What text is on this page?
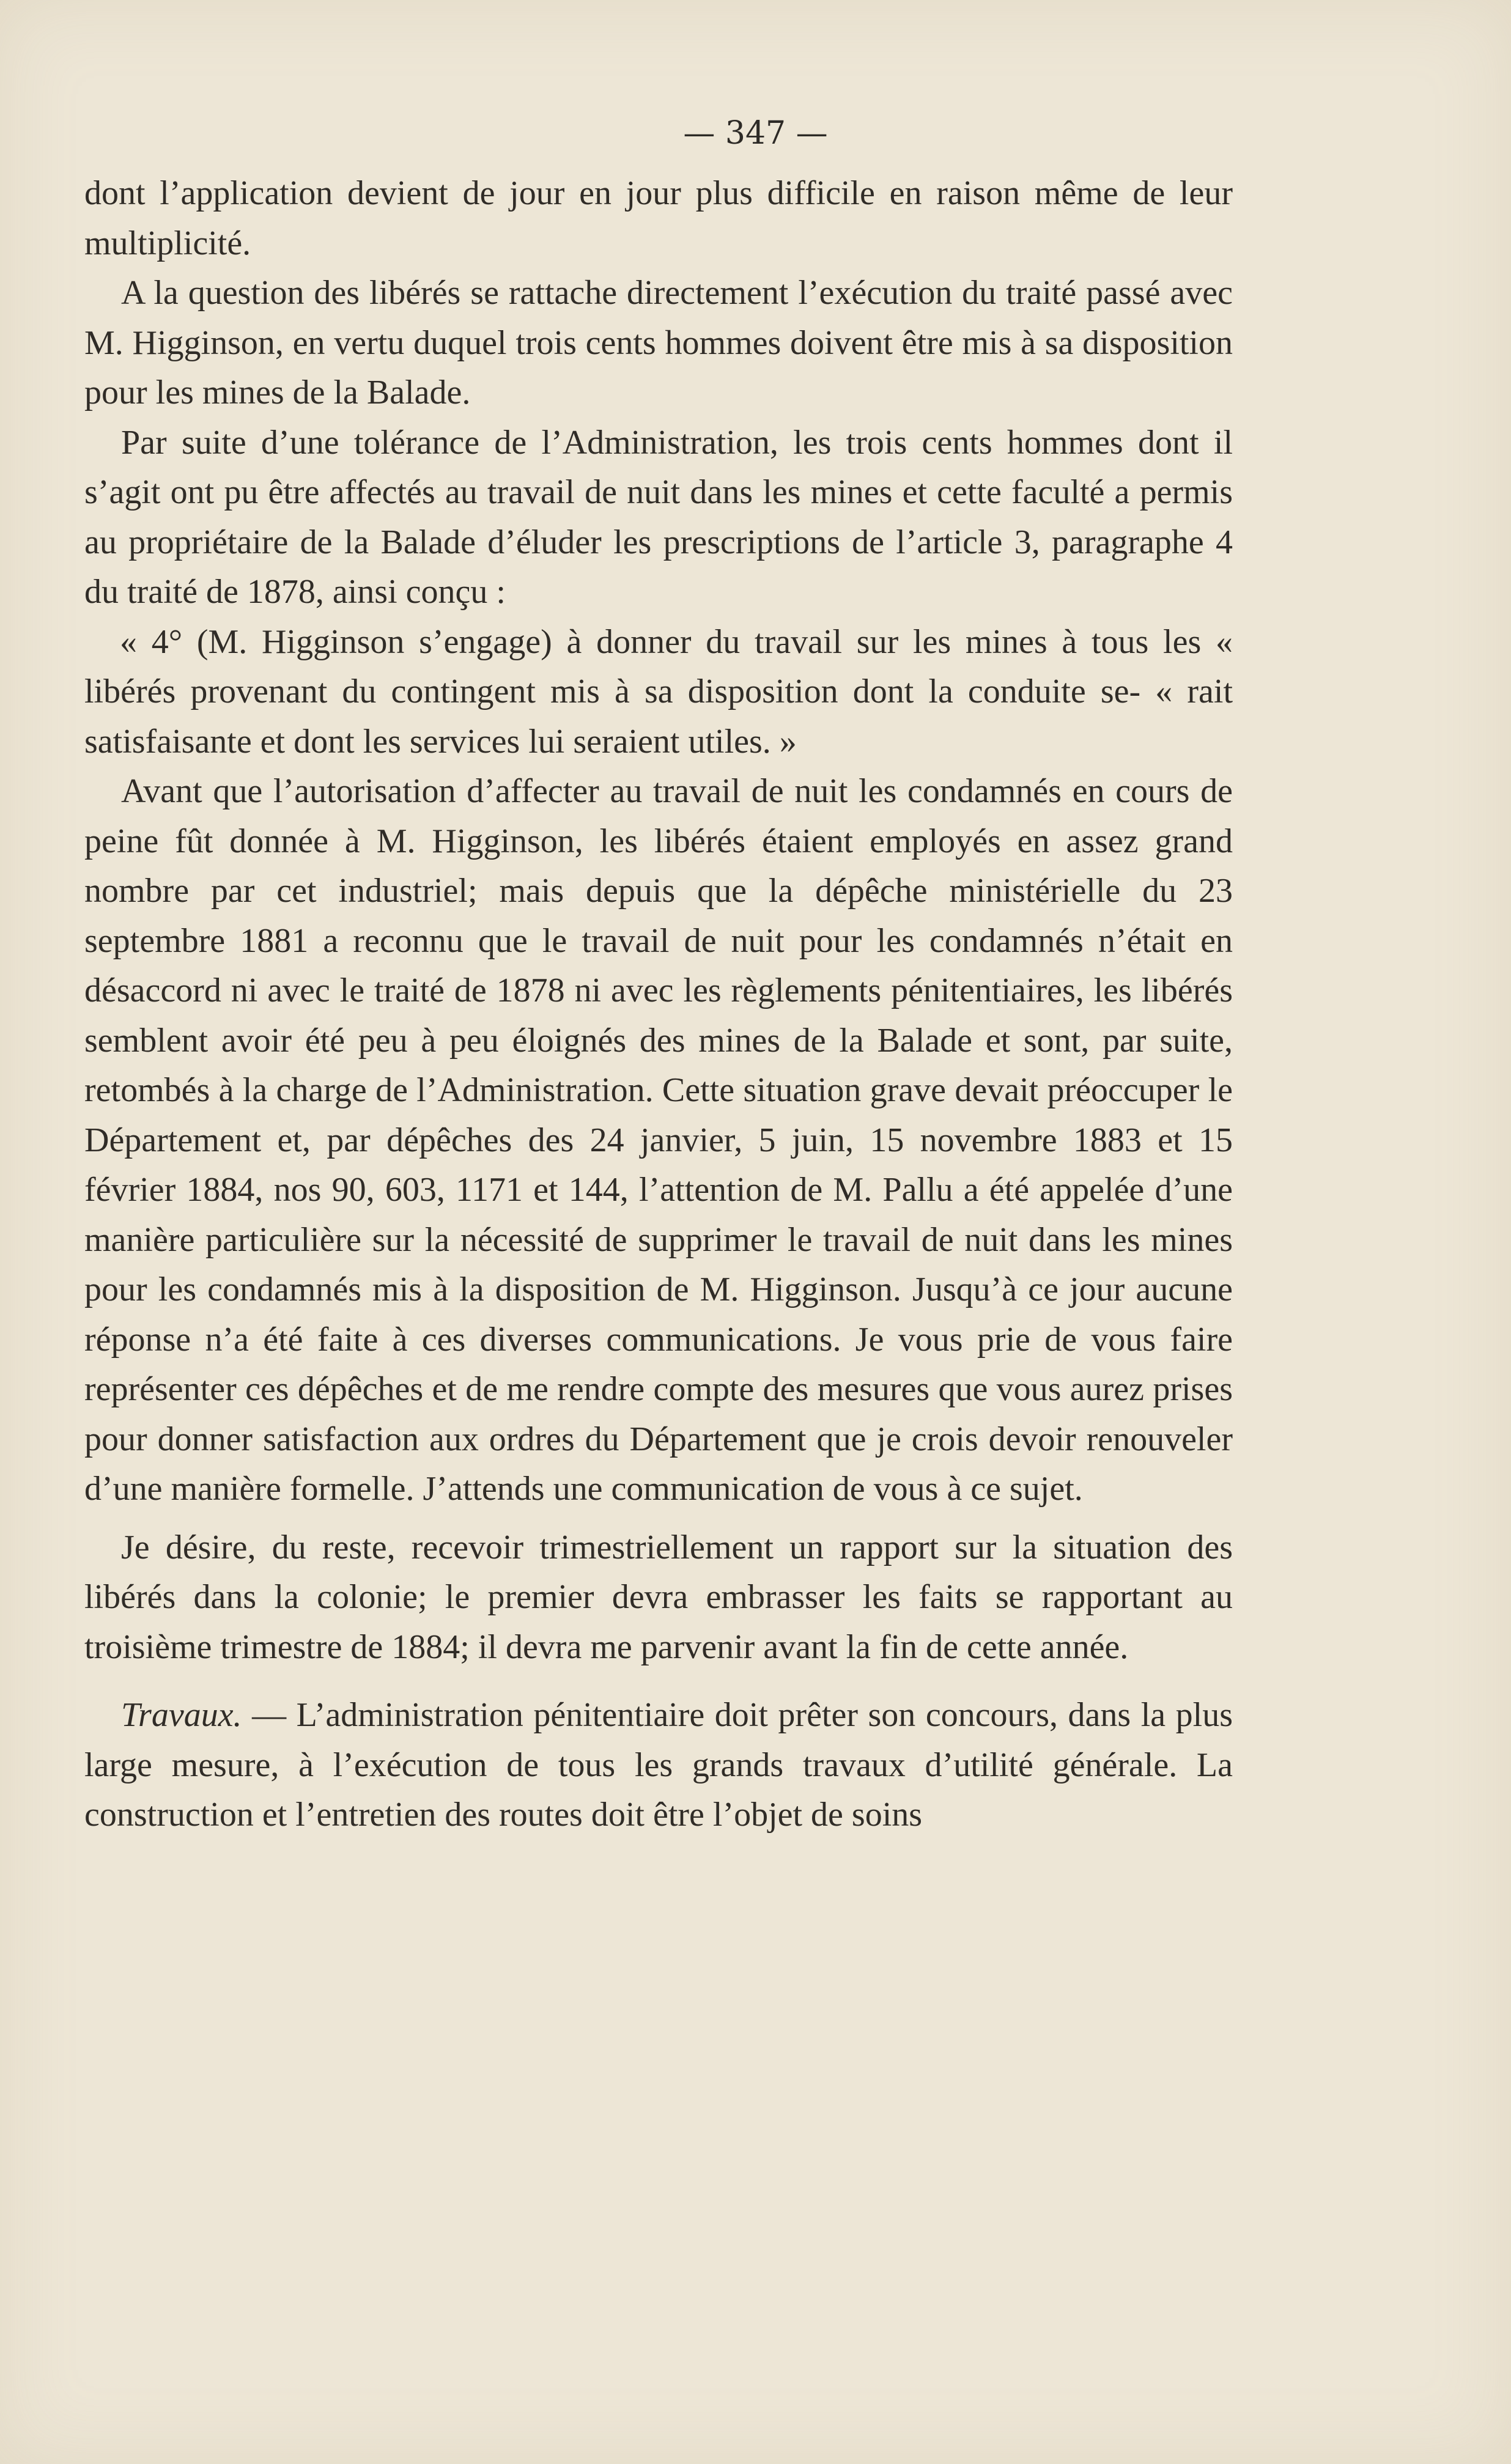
— 347 —

dont l’application devient de jour en jour plus difficile en raison même de leur multiplicité.

A la question des libérés se rattache directement l’exécution du traité passé avec M. Higginson, en vertu duquel trois cents hommes doivent être mis à sa disposition pour les mines de la Balade.

Par suite d’une tolérance de l’Administration, les trois cents hommes dont il s’agit ont pu être affectés au travail de nuit dans les mines et cette faculté a permis au propriétaire de la Balade d’éluder les prescriptions de l’article 3, paragraphe 4 du traité de 1878, ainsi conçu :

« 4° (M. Higginson s’engage) à donner du travail sur les mines à tous les « libérés provenant du contingent mis à sa disposition dont la conduite se- « rait satisfaisante et dont les services lui seraient utiles. »

Avant que l’autorisation d’affecter au travail de nuit les condamnés en cours de peine fût donnée à M. Higginson, les libérés étaient employés en assez grand nombre par cet industriel; mais depuis que la dépêche ministérielle du 23 septembre 1881 a reconnu que le travail de nuit pour les condamnés n’était en désaccord ni avec le traité de 1878 ni avec les règlements pénitentiaires, les libérés semblent avoir été peu à peu éloignés des mines de la Balade et sont, par suite, retombés à la charge de l’Administration. Cette situation grave devait préoccuper le Département et, par dépêches des 24 janvier, 5 juin, 15 novembre 1883 et 15 février 1884, nos 90, 603, 1171 et 144, l’attention de M. Pallu a été appelée d’une manière particulière sur la nécessité de supprimer le travail de nuit dans les mines pour les condamnés mis à la disposition de M. Higginson. Jusqu’à ce jour aucune réponse n’a été faite à ces diverses communications. Je vous prie de vous faire représenter ces dépêches et de me rendre compte des mesures que vous aurez prises pour donner satisfaction aux ordres du Département que je crois devoir renouveler d’une manière formelle. J’attends une communication de vous à ce sujet.

Je désire, du reste, recevoir trimestriellement un rapport sur la situation des libérés dans la colonie; le premier devra embrasser les faits se rapportant au troisième trimestre de 1884; il devra me parvenir avant la fin de cette année.

Travaux. — L’administration pénitentiaire doit prêter son concours, dans la plus large mesure, à l’exécution de tous les grands travaux d’utilité générale. La construction et l’entretien des routes doit être l’objet de soins
